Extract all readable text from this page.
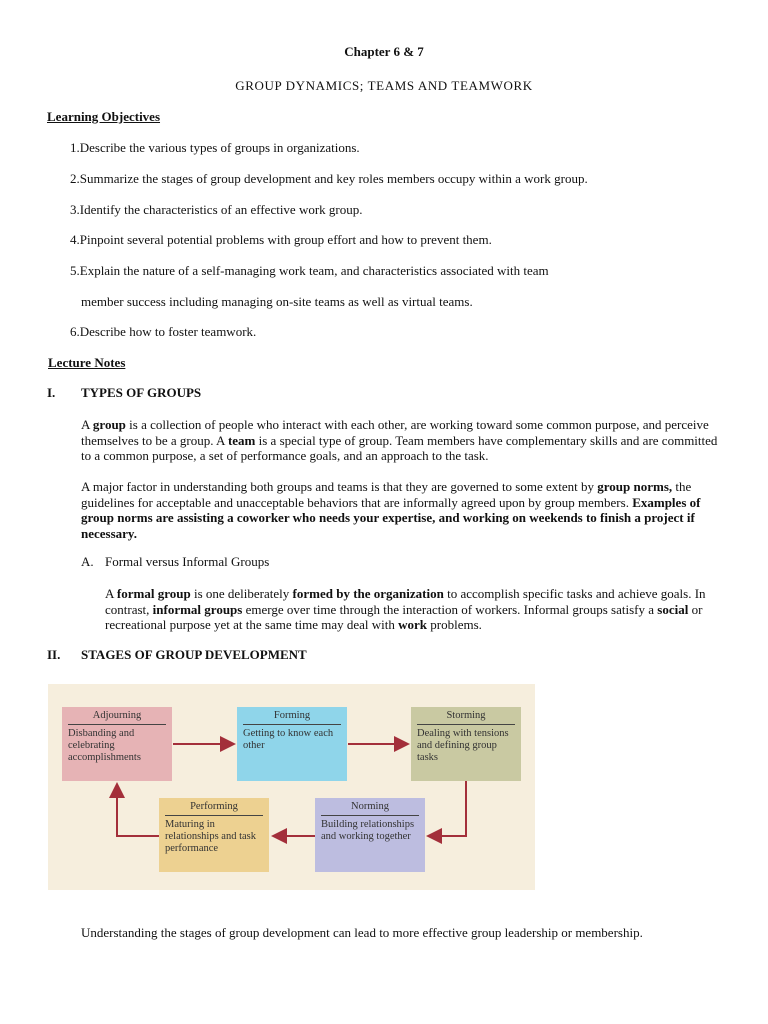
Chapter 6 & 7
GROUP DYNAMICS; TEAMS AND TEAMWORK
Learning Objectives
1.Describe the various types of groups in organizations.
2.Summarize the stages of group development and key roles members occupy within a work group.
3.Identify the characteristics of an effective work group.
4.Pinpoint several potential problems with group effort and how to prevent them.
5.Explain the nature of a self-managing work team, and characteristics associated with team
member success including managing on-site teams as well as virtual teams.
6.Describe how to foster teamwork.
Lecture Notes
I. TYPES OF GROUPS
A group is a collection of people who interact with each other, are working toward some common purpose, and perceive themselves to be a group. A team is a special type of group. Team members have complementary skills and are committed to a common purpose, a set of performance goals, and an approach to the task.
A major factor in understanding both groups and teams is that they are governed to some extent by group norms, the guidelines for acceptable and unacceptable behaviors that are informally agreed upon by group members. Examples of group norms are assisting a coworker who needs your expertise, and working on weekends to finish a project if necessary.
A. Formal versus Informal Groups
A formal group is one deliberately formed by the organization to accomplish specific tasks and achieve goals. In contrast, informal groups emerge over time through the interaction of workers. Informal groups satisfy a social or recreational purpose yet at the same time may deal with work problems.
II. STAGES OF GROUP DEVELOPMENT
Adjourning
Disbanding and celebrating accomplishments
Forming
Getting to know each other
Storming
Dealing with tensions and defining group tasks
Norming
Building relationships and working together
Performing
Maturing in relationships and task performance
Understanding the stages of group development can lead to more effective group leadership or membership.
